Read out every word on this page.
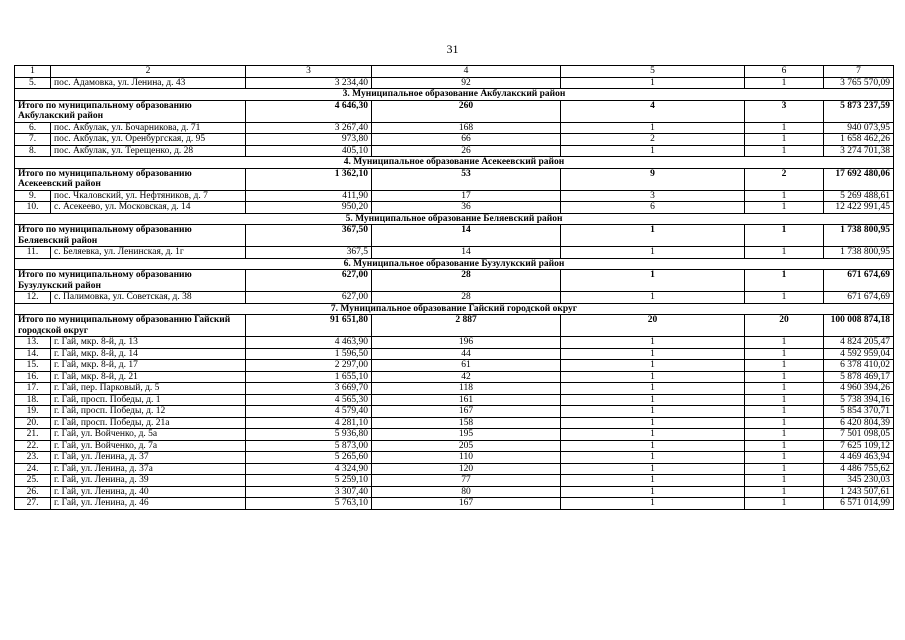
31
1	2	3	4	5	6	7
5.	пос. Адамовка, ул. Ленина, д. 43	3 234,40	92	1	1	3 765 570,09
3. Муниципальное образование Акбулакский район						
Итого по муниципальному образованию Акбулакский район		4 646,30	260	4	3	5 873 237,59
6.	пос. Акбулак, ул. Бочарникова, д. 71	3 267,40	168	1	1	940 073,95
7.	пос. Акбулак, ул. Оренбургская, д. 95	973,80	66	2	1	1 658 462,26
8.	пос. Акбулак, ул. Терещенко, д. 28	405,10	26	1	1	3 274 701,38
4. Муниципальное образование Асекеевский район						
Итого по муниципальному образованию Асекеевский район		1 362,10	53	9	2	17 692 480,06
9.	пос. Чкаловский, ул. Нефтяников, д. 7	411,90	17	3	1	5 269 488,61
10.	с. Асекеево, ул. Московская, д. 14	950,20	36	6	1	12 422 991,45
5. Муниципальное образование Беляевский район						
Итого по муниципальному образованию Беляевский район		367,50	14	1	1	1 738 800,95
11.	с. Беляевка, ул. Ленинская, д. 1г	367,5	14	1	1	1 738 800,95
6. Муниципальное образование Бузулукский район						
Итого по муниципальному образованию Бузулукский район		627,00	28	1	1	671 674,69
12.	с. Палимовка, ул. Советская, д. 38	627,00	28	1	1	671 674,69
7. Муниципальное образование Гайский городской округ						
Итого по муниципальному образованию Гайский городской округ		91 651,80	2 887	20	20	100 008 874,18
13.	г. Гай, мкр. 8-й, д. 13	4 463,90	196	1	1	4 824 205,47
14.	г. Гай, мкр. 8-й, д. 14	1 596,50	44	1	1	4 592 959,04
15.	г. Гай, мкр. 8-й, д. 17	2 297,00	61	1	1	6 378 410,02
16.	г. Гай, мкр. 8-й, д. 21	1 655,10	42	1	1	5 878 469,17
17.	г. Гай, пер. Парковый, д. 5	3 669,70	118	1	1	4 960 394,26
18.	г. Гай, просп. Победы, д. 1	4 565,30	161	1	1	5 738 394,16
19.	г. Гай, просп. Победы, д. 12	4 579,40	167	1	1	5 854 370,71
20.	г. Гай, просп. Победы, д. 21а	4 281,10	158	1	1	6 420 804,39
21.	г. Гай, ул. Войченко, д. 5а	5 936,80	195	1	1	7 501 098,05
22.	г. Гай, ул. Войченко, д. 7а	5 873,00	205	1	1	7 625 109,12
23.	г. Гай, ул. Ленина, д. 37	5 265,60	110	1	1	4 469 463,94
24.	г. Гай, ул. Ленина, д. 37а	4 324,90	120	1	1	4 486 755,62
25.	г. Гай, ул. Ленина, д. 39	5 259,10	77	1	1	345 230,03
26.	г. Гай, ул. Ленина, д. 40	3 307,40	80	1	1	1 243 507,61
27.	г. Гай, ул. Ленина, д. 46	5 763,10	167	1	1	6 571 014,99
